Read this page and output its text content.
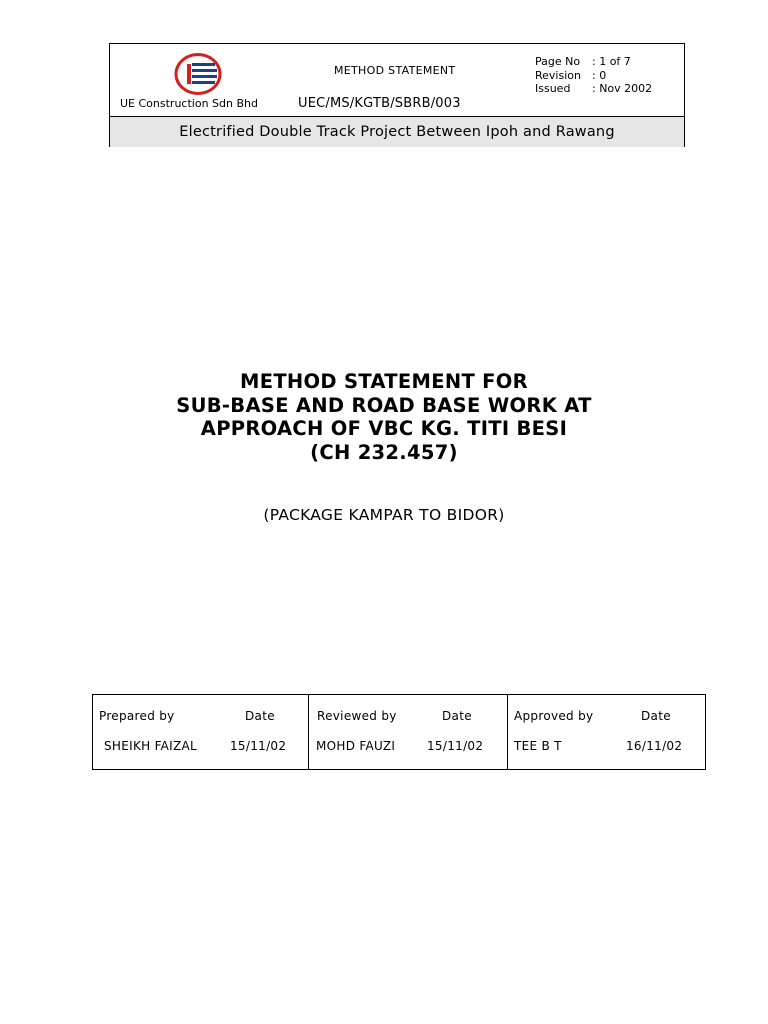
UE Construction Sdn Bhd
METHOD STATEMENT
UEC/MS/KGTB/SBRB/003
Page No	: 1 of 7
Revision	: 0
Issued	: Nov 2002
Electrified Double Track Project Between Ipoh and Rawang
METHOD STATEMENT FOR
SUB-BASE AND ROAD BASE WORK AT
APPROACH OF VBC KG. TITI BESI
(CH 232.457)
(PACKAGE KAMPAR TO BIDOR)
Prepared by	Date
SHEIKH FAIZAL	15/11/02
Reviewed by	Date
MOHD FAUZI	15/11/02
Approved by	Date
TEE B T	16/11/02
